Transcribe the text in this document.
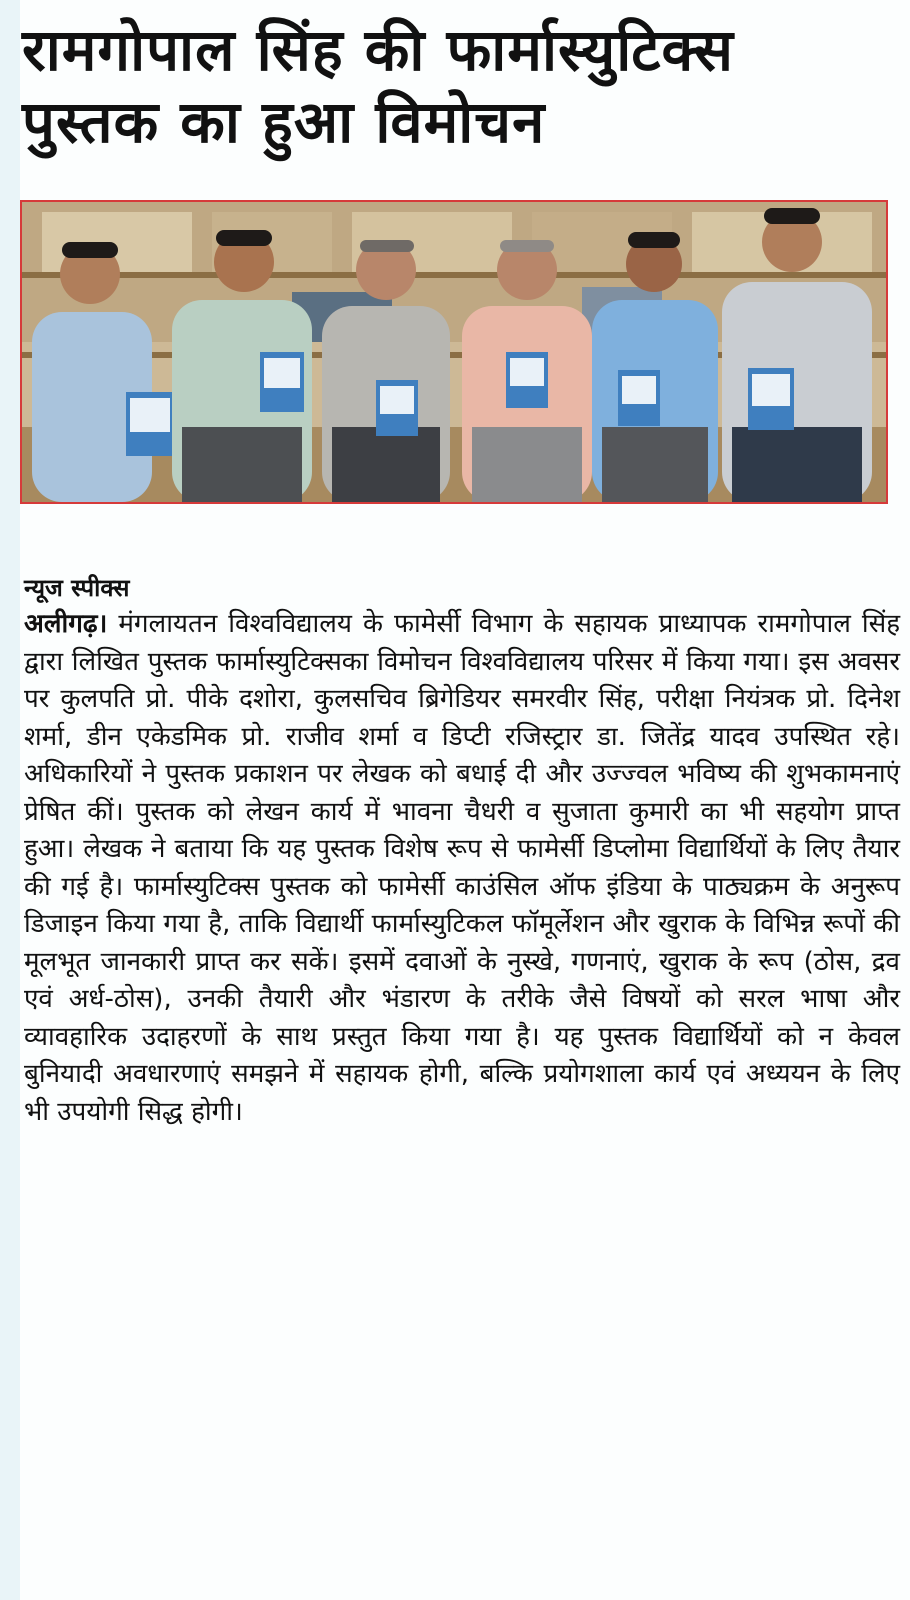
रामगोपाल सिंह की फार्मास्युटिक्स
पुस्तक का हुआ विमोचन

न्यूज स्पीक्स

अलीगढ़। मंगलायतन विश्वविद्यालय के फामेर्सी विभाग के सहायक प्राध्यापक रामगोपाल सिंह द्वारा लिखित पुस्तक फार्मास्युटिक्सका विमोचन विश्वविद्यालय परिसर में किया गया। इस अवसर पर कुलपति प्रो. पीके दशोरा, कुलसचिव ब्रिगेडियर समरवीर सिंह, परीक्षा नियंत्रक प्रो. दिनेश शर्मा, डीन एकेडमिक प्रो. राजीव शर्मा व डिप्टी रजिस्ट्रार डा. जितेंद्र यादव उपस्थित रहे। अधिकारियों ने पुस्तक प्रकाशन पर लेखक को बधाई दी और उज्ज्वल भविष्य की शुभकामनाएं प्रेषित कीं। पुस्तक को लेखन कार्य में भावना चैधरी व सुजाता कुमारी का भी सहयोग प्राप्त हुआ। लेखक ने बताया कि यह पुस्तक विशेष रूप से फामेर्सी डिप्लोमा विद्यार्थियों के लिए तैयार की गई है। फार्मास्युटिक्स पुस्तक को फामेर्सी काउंसिल ऑफ इंडिया के पाठ्यक्रम के अनुरूप डिजाइन किया गया है, ताकि विद्यार्थी फार्मास्युटिकल फॉमूर्लेशन और खुराक के विभिन्न रूपों की मूलभूत जानकारी प्राप्त कर सकें। इसमें दवाओं के नुस्खे, गणनाएं, खुराक के रूप (ठोस, द्रव एवं अर्ध-ठोस), उनकी तैयारी और भंडारण के तरीके जैसे विषयों को सरल भाषा और व्यावहारिक उदाहरणों के साथ प्रस्तुत किया गया है। यह पुस्तक विद्यार्थियों को न केवल बुनियादी अवधारणाएं समझने में सहायक होगी, बल्कि प्रयोगशाला कार्य एवं अध्ययन के लिए भी उपयोगी सिद्ध होगी।
